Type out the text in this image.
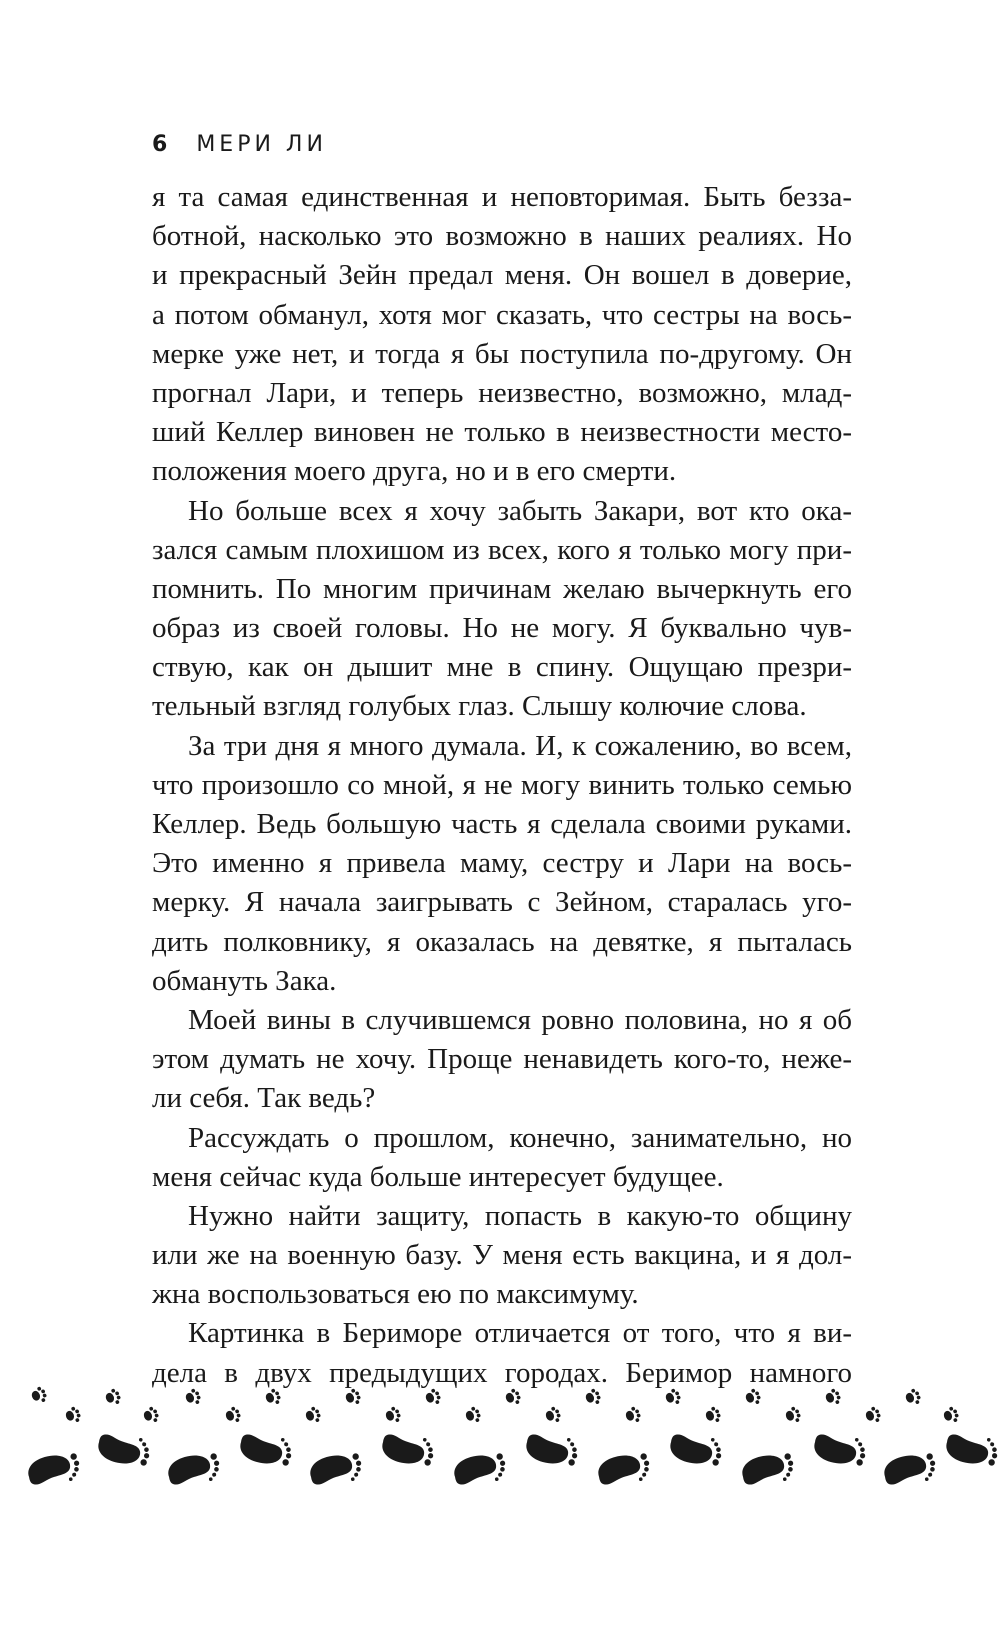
6 МЕРИ ЛИ
я та самая единственная и неповторимая. Быть безза-
ботной, насколько это возможно в наших реалиях. Но
и прекрасный Зейн предал меня. Он вошел в доверие,
а потом обманул, хотя мог сказать, что сестры на вось-
мерке уже нет, и тогда я бы поступила по-другому. Он
прогнал Лари, и теперь неизвестно, возможно, млад-
ший Келлер виновен не только в неизвестности место-
положения моего друга, но и в его смерти.
Но больше всех я хочу забыть Закари, вот кто ока-
зался самым плохишом из всех, кого я только могу при-
помнить. По многим причинам желаю вычеркнуть его
образ из своей головы. Но не могу. Я буквально чув-
ствую, как он дышит мне в спину. Ощущаю презри-
тельный взгляд голубых глаз. Слышу колючие слова.
За три дня я много думала. И, к сожалению, во всем,
что произошло со мной, я не могу винить только семью
Келлер. Ведь большую часть я сделала своими руками.
Это именно я привела маму, сестру и Лари на вось-
мерку. Я начала заигрывать с Зейном, старалась уго-
дить полковнику, я оказалась на девятке, я пыталась
обмануть Зака.
Моей вины в случившемся ровно половина, но я об
этом думать не хочу. Проще ненавидеть кого-то, неже-
ли себя. Так ведь?
Рассуждать о прошлом, конечно, занимательно, но
меня сейчас куда больше интересует будущее.
Нужно найти защиту, попасть в какую-то общину
или же на военную базу. У меня есть вакцина, и я дол-
жна воспользоваться ею по максимуму.
Картинка в Бериморе отличается от того, что я ви-
дела в двух предыдущих городах. Беримор намного
